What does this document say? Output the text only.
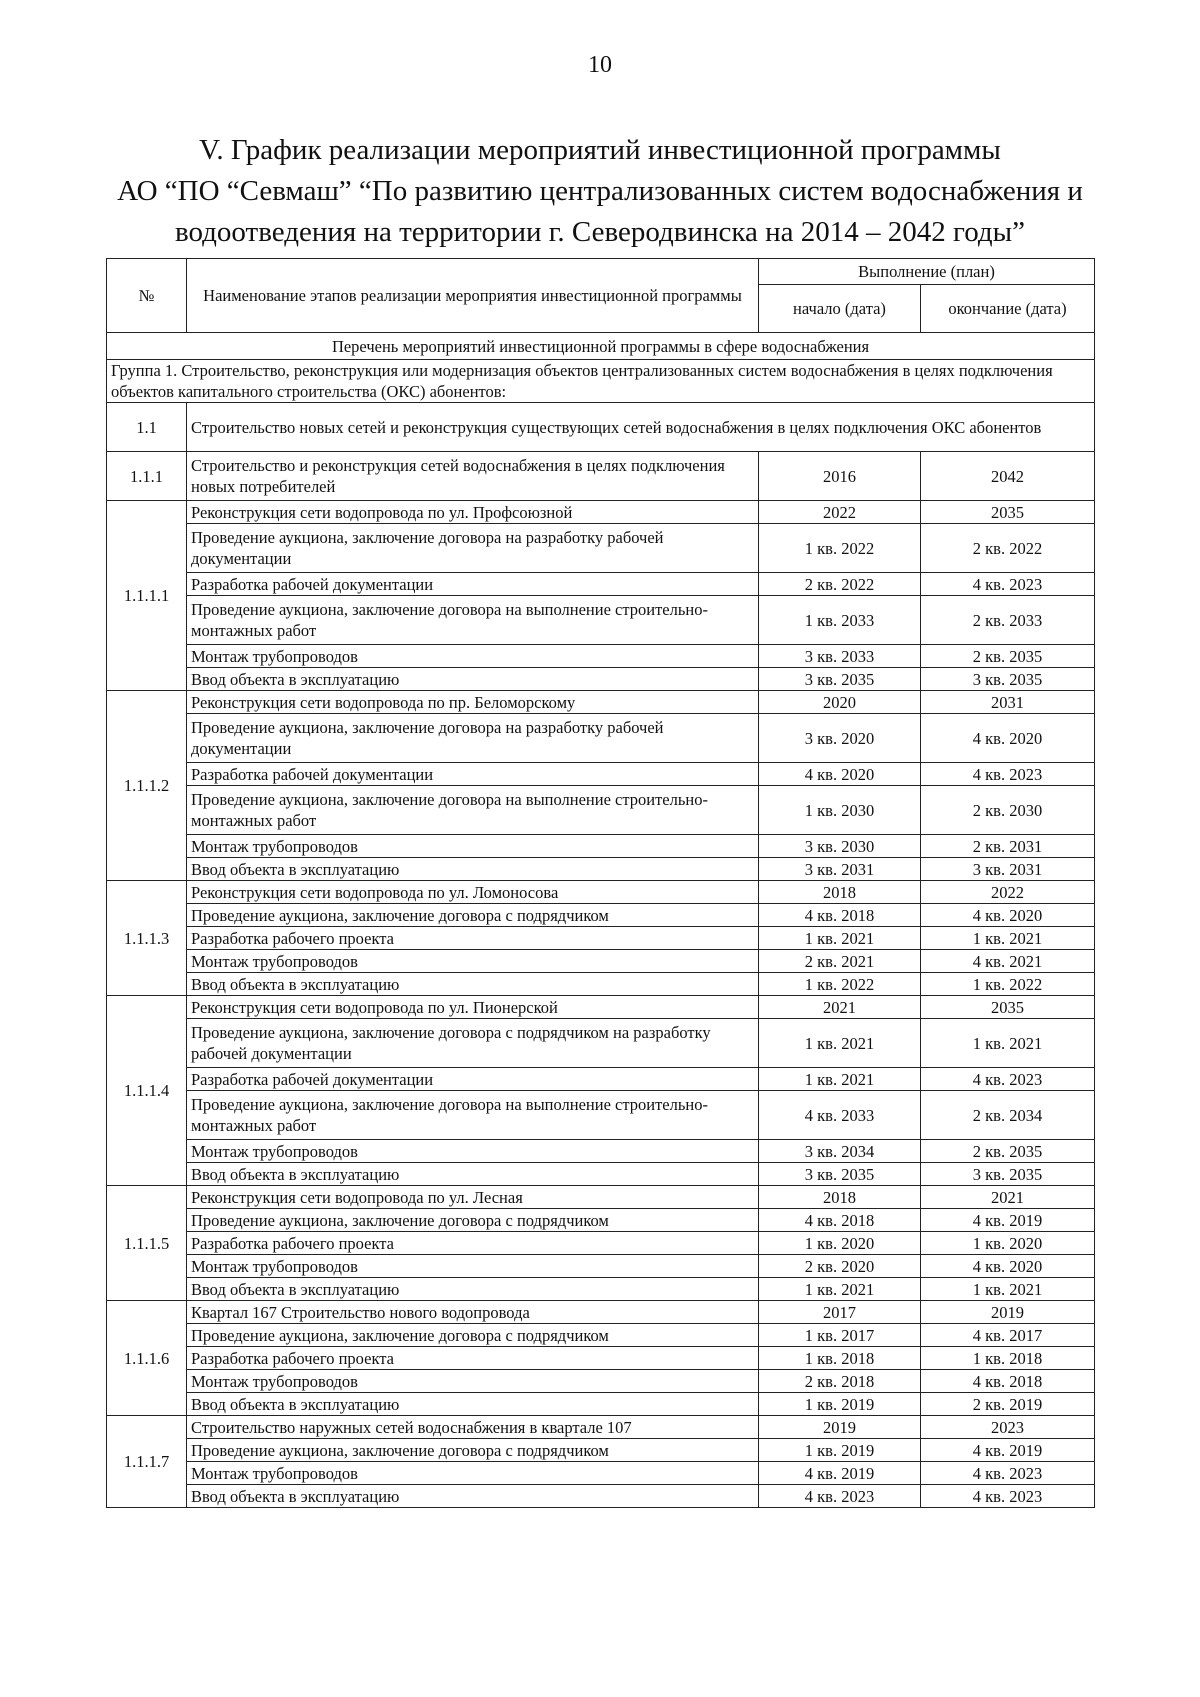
10
V. График реализации мероприятий инвестиционной программы
АО “ПО “Севмаш” “По развитию централизованных систем водоснабжения и
водоотведения на территории г. Северодвинска на 2014 – 2042 годы”
№	Наименование этапов реализации мероприятия инвестиционной программы	Выполнение (план)	
		начало (дата)	окончание (дата)
Перечень мероприятий инвестиционной программы в сфере водоснабжения			
Группа 1. Строительство, реконструкция или модернизация объектов централизованных систем водоснабжения в целях подключения объектов капитального строительства (ОКС) абонентов:			
1.1	Строительство новых сетей и реконструкция существующих сетей водоснабжения в целях подключения ОКС абонентов		
1.1.1	Строительство и реконструкция сетей водоснабжения в целях подключения новых потребителей	2016	2042
1.1.1.1	Реконструкция сети водопровода по ул. Профсоюзной	2022	2035
	Проведение аукциона, заключение договора на разработку рабочей документации	1 кв. 2022	2 кв. 2022
	Разработка рабочей документации	2 кв. 2022	4 кв. 2023
	Проведение аукциона, заключение договора на выполнение строительно-монтажных работ	1 кв. 2033	2 кв. 2033
	Монтаж трубопроводов	3 кв. 2033	2 кв. 2035
	Ввод объекта в эксплуатацию	3 кв. 2035	3 кв. 2035
1.1.1.2	Реконструкция сети водопровода по пр. Беломорскому	2020	2031
	Проведение аукциона, заключение договора на разработку рабочей документации	3 кв. 2020	4 кв. 2020
	Разработка рабочей документации	4 кв. 2020	4 кв. 2023
	Проведение аукциона, заключение договора на выполнение строительно-монтажных работ	1 кв. 2030	2 кв. 2030
	Монтаж трубопроводов	3 кв. 2030	2 кв. 2031
	Ввод объекта в эксплуатацию	3 кв. 2031	3 кв. 2031
1.1.1.3	Реконструкция сети водопровода по ул. Ломоносова	2018	2022
	Проведение аукциона, заключение договора с подрядчиком	4 кв. 2018	4 кв. 2020
	Разработка рабочего проекта	1 кв. 2021	1 кв. 2021
	Монтаж трубопроводов	2 кв. 2021	4 кв. 2021
	Ввод объекта в эксплуатацию	1 кв. 2022	1 кв. 2022
1.1.1.4	Реконструкция сети водопровода по ул. Пионерской	2021	2035
	Проведение аукциона, заключение договора с подрядчиком на разработку рабочей документации	1 кв. 2021	1 кв. 2021
	Разработка рабочей документации	1 кв. 2021	4 кв. 2023
	Проведение аукциона, заключение договора на выполнение строительно-монтажных работ	4 кв. 2033	2 кв. 2034
	Монтаж трубопроводов	3 кв. 2034	2 кв. 2035
	Ввод объекта в эксплуатацию	3 кв. 2035	3 кв. 2035
1.1.1.5	Реконструкция сети водопровода по ул. Лесная	2018	2021
	Проведение аукциона, заключение договора с подрядчиком	4 кв. 2018	4 кв. 2019
	Разработка рабочего проекта	1 кв. 2020	1 кв. 2020
	Монтаж трубопроводов	2 кв. 2020	4 кв. 2020
	Ввод объекта в эксплуатацию	1 кв. 2021	1 кв. 2021
1.1.1.6	Квартал 167 Строительство нового водопровода	2017	2019
	Проведение аукциона, заключение договора с подрядчиком	1 кв. 2017	4 кв. 2017
	Разработка рабочего проекта	1 кв. 2018	1 кв. 2018
	Монтаж трубопроводов	2 кв. 2018	4 кв. 2018
	Ввод объекта в эксплуатацию	1 кв. 2019	2 кв. 2019
1.1.1.7	Строительство наружных сетей водоснабжения в квартале 107	2019	2023
	Проведение аукциона, заключение договора с подрядчиком	1 кв. 2019	4 кв. 2019
	Монтаж трубопроводов	4 кв. 2019	4 кв. 2023
	Ввод объекта в эксплуатацию	4 кв. 2023	4 кв. 2023
